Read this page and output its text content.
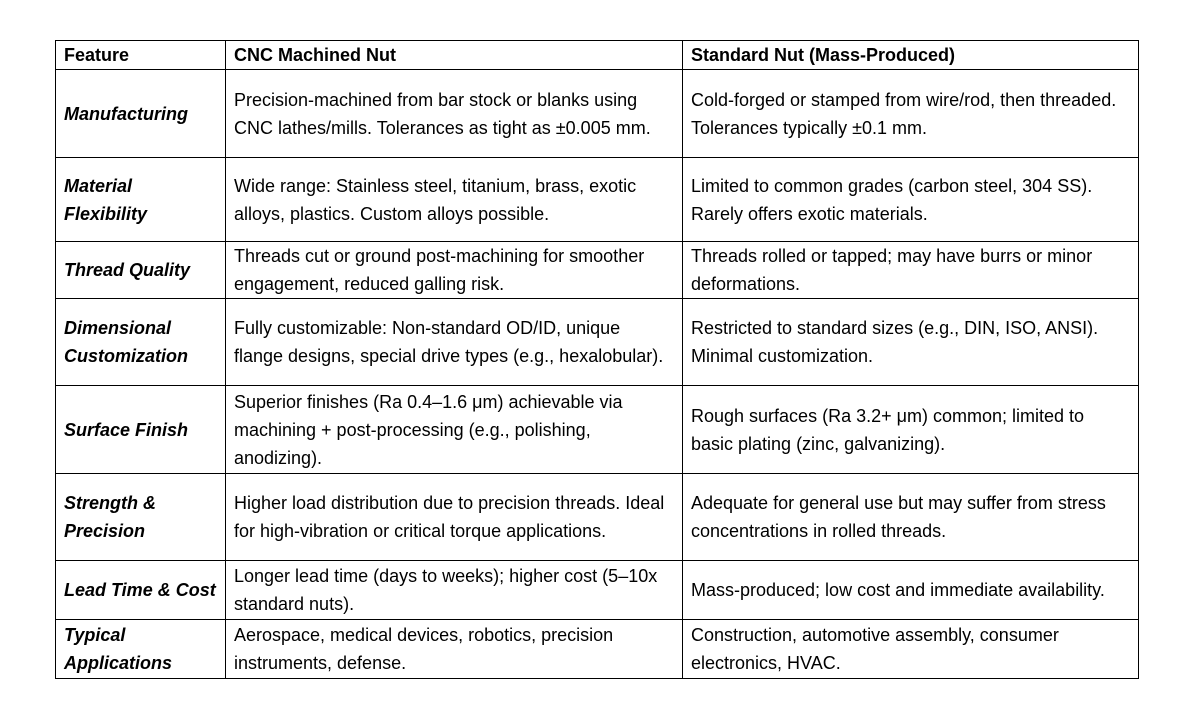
Feature	CNC Machined Nut	Standard Nut (Mass-Produced)
Manufacturing	Precision-machined from bar stock or blanks using CNC lathes/mills. Tolerances as tight as ±0.005 mm.	Cold-forged or stamped from wire/rod, then threaded. Tolerances typically ±0.1 mm.
Material Flexibility	Wide range: Stainless steel, titanium, brass, exotic alloys, plastics. Custom alloys possible.	Limited to common grades (carbon steel, 304 SS). Rarely offers exotic materials.
Thread Quality	Threads cut or ground post-machining for smoother engagement, reduced galling risk.	Threads rolled or tapped; may have burrs or minor deformations.
Dimensional Customization	Fully customizable: Non-standard OD/ID, unique flange designs, special drive types (e.g., hexalobular).	Restricted to standard sizes (e.g., DIN, ISO, ANSI). Minimal customization.
Surface Finish	Superior finishes (Ra 0.4–1.6 μm) achievable via machining + post-processing (e.g., polishing, anodizing).	Rough surfaces (Ra 3.2+ μm) common; limited to basic plating (zinc, galvanizing).
Strength & Precision	Higher load distribution due to precision threads. Ideal for high-vibration or critical torque applications.	Adequate for general use but may suffer from stress concentrations in rolled threads.
Lead Time & Cost	Longer lead time (days to weeks); higher cost (5–10x standard nuts).	Mass-produced; low cost and immediate availability.
Typical Applications	Aerospace, medical devices, robotics, precision instruments, defense.	Construction, automotive assembly, consumer electronics, HVAC.
